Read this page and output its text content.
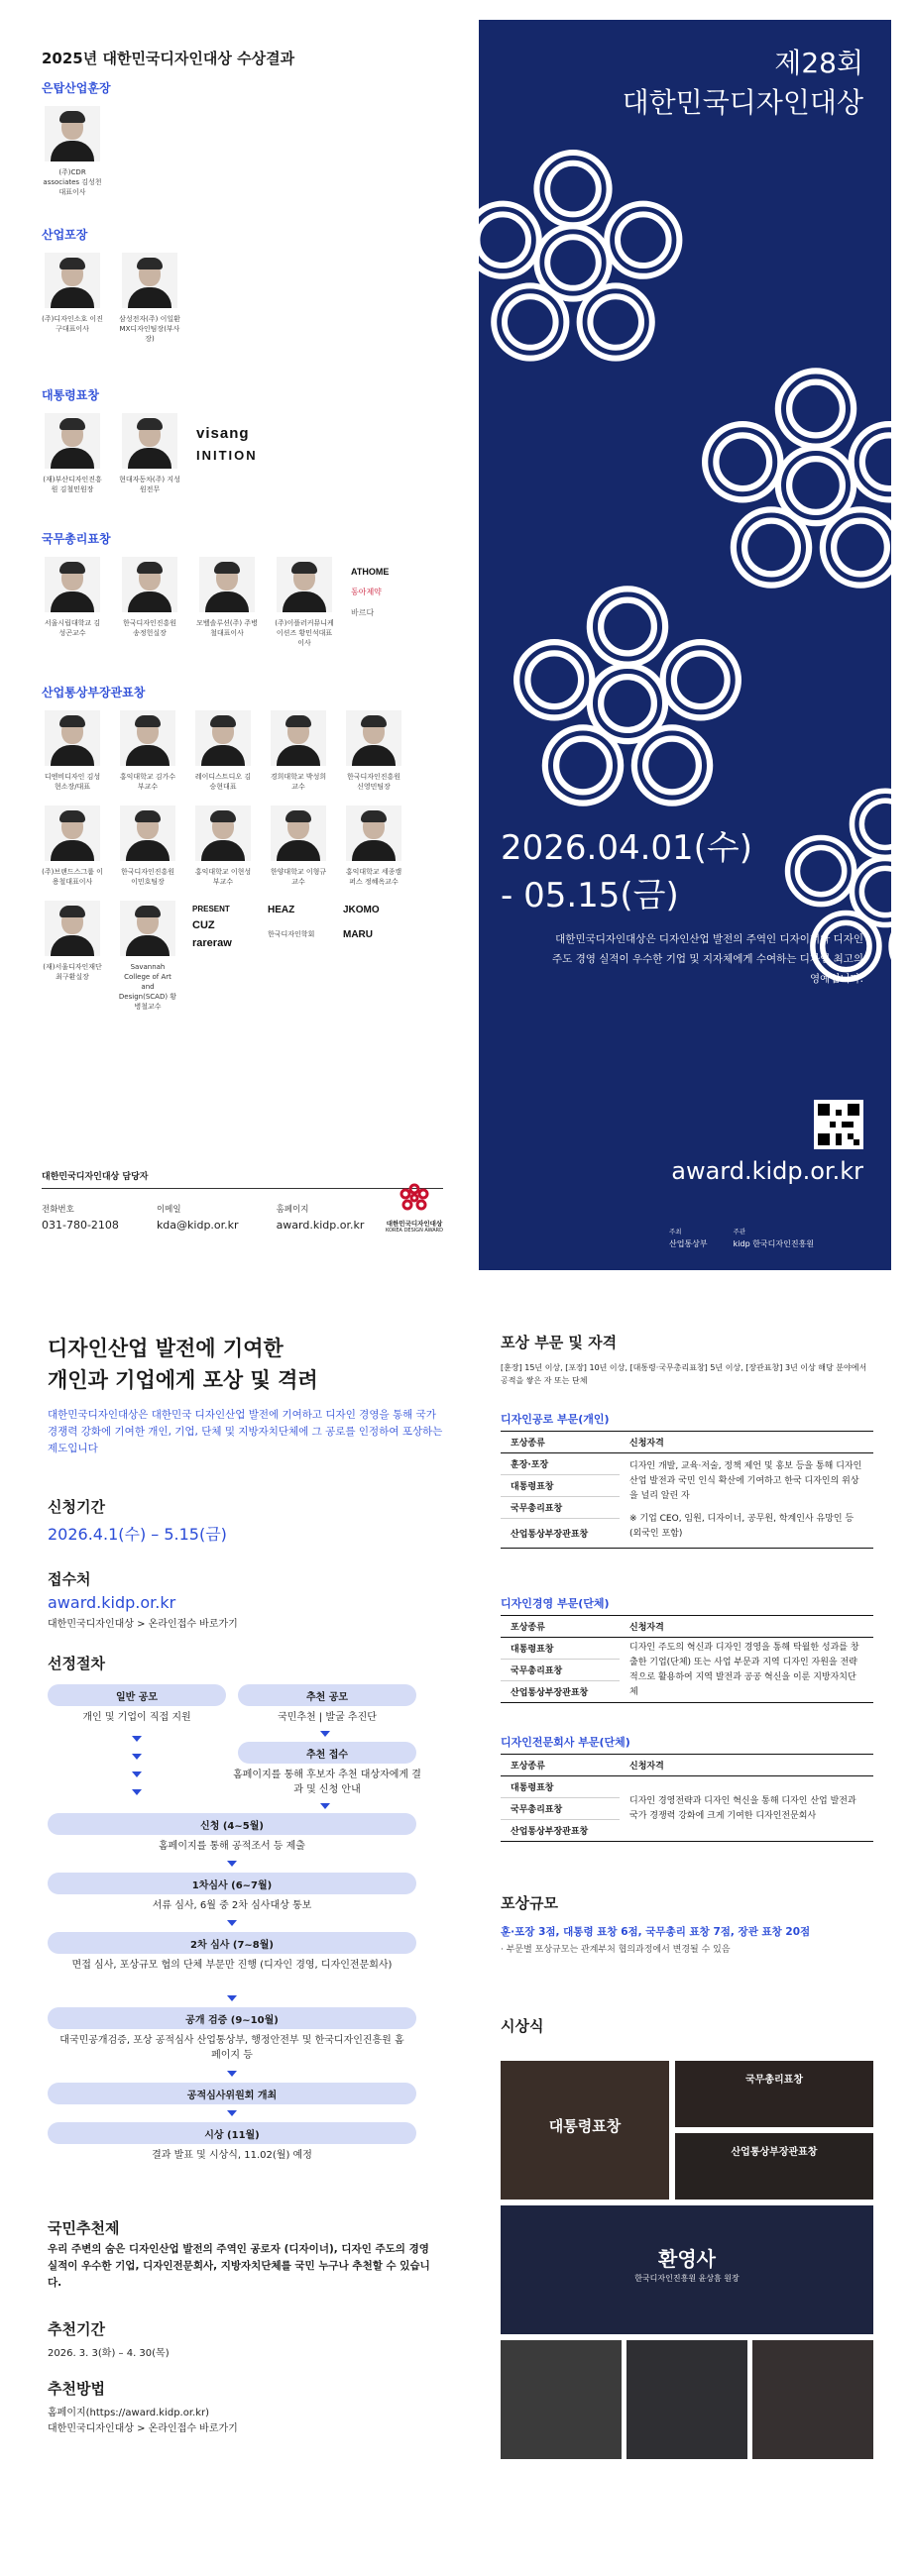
2025년 대한민국디자인대상 수상결과
은탑산업훈장
(주)CDR associates 김성천대표이사
산업포장
(주)디자인소호 이진구대표이사
삼성전자(주) 이일환 MX디자인팀장(부사장)
대통령표창
(재)부산디자인진흥원 김철민원장
현대자동차(주) 지성원전무
visang
INITION
국무총리표창
서울시립대학교 김성곤교수
한국디자인진흥원 송정헌실장
모벨솔루션(주) 주병철대표이사
(주)이플러커뮤니케이션즈 황민석대표이사
ATHOME
동아제약
바르다
산업통상부장관표창
디엔비디자인 김성현소장/대표
홍익대학교 김가수부교수
레이디스트디오 김승현대표
경희대학교 박성희교수
한국디자인진흥원 신영민팀장
(주)브랜드스그룹 이용철대표이사
한국디자인진흥원 이민호팀장
홍익대학교 이현성부교수
한양대학교 이형규교수
홍익대학교 세종캠퍼스 정혜옥교수
(재)서울디자인재단 최구환실장
Savannah College of Art and Design(SCAD) 황병철교수
PRESENT
CUZ
rareraw
HEAZ
한국디자인학회
JKOMO
MARU
대한민국디자인대상 담당자
전화번호
031-780-2108
이메일
kda@kidp.or.kr
홈페이지
award.kidp.or.kr	대한민국디자인대상
KOREA DESIGN AWARD
제28회
대한민국디자인대상
2026.04.01(수)
- 05.15(금)
대한민국디자인대상은 디자인산업 발전의 주역인 디자이너와 디자인 주도 경영 실적이 우수한 기업 및 지자체에게 수여하는 디자인 최고의 영예입니다.
award.kidp.or.kr
주최
산업통상부
주관
kidp 한국디자인진흥원
디자인산업 발전에 기여한
개인과 기업에게 포상 및 격려
대한민국디자인대상은 대한민국 디자인산업 발전에 기여하고 디자인 경영을 통해 국가경쟁력 강화에 기여한 개인, 기업, 단체 및 지방자치단체에 그 공로를 인정하여 포상하는 제도입니다
신청기간
2026.4.1(수) – 5.15(금)
접수처
award.kidp.or.kr
대한민국디자인대상 > 온라인접수 바로가기
선정절차
일반 공모
개인 및 기업이 직접 지원
추천 공모
국민추천 | 발굴 추진단
추천 접수
홈페이지를 통해 후보자 추천 대상자에게 결과 및 신청 안내
신청 (4~5월)
홈페이지를 통해 공적조서 등 제출
1차심사 (6~7월)
서류 심사, 6월 중 2차 심사대상 통보
2차 심사 (7~8월)
면접 심사, 포상규모 협의 단체 부문만 진행 (디자인 경영, 디자인전문회사)
공개 검증 (9~10월)
대국민공개검증, 포상 공적심사 산업통상부, 행정안전부 및 한국디자인진흥원 홈페이지 등
공적심사위원회 개최
시상 (11월)
결과 발표 및 시상식, 11.02(월) 예정
국민추천제
우리 주변의 숨은 디자인산업 발전의 주역인 공로자 (디자이너), 디자인 주도의 경영 실적이 우수한 기업, 디자인전문회사, 지방자치단체를 국민 누구나 추천할 수 있습니다.
추천기간
2026. 3. 3(화) – 4. 30(목)
추천방법
홈페이지(https://award.kidp.or.kr)
대한민국디자인대상 > 온라인접수 바로가기
포상 부문 및 자격
[훈장] 15년 이상, [포장] 10년 이상, [대통령·국무총리표창] 5년 이상, [장관표창] 3년 이상 해당 분야에서 공적을 쌓은 자 또는 단체
디자인공로 부문(개인)
포상종류	신청자격
훈장·포장	디자인 개발, 교육·저술, 정책 제언 및 홍보 등을 통해 디자인 산업 발전과 국민 인식 확산에 기여하고 한국 디자인의 위상을 널리 알린 자
※ 기업 CEO, 임원, 디자이너, 공무원, 학계인사 유망인 등 (외국인 포함)

대통령표창	
국무총리표창	
산업통상부장관표창	
디자인경영 부문(단체)
포상종류	신청자격
대통령표창	디자인 주도의 혁신과 디자인 경영을 통해 탁월한 성과를 창출한 기업(단체) 또는 사업 부문과 지역 디자인 자원을 전략적으로 활용하여 지역 발전과 공공 혁신을 이룬 지방자치단체
국무총리표창	
산업통상부장관표창	
디자인전문회사 부문(단체)
포상종류	신청자격
대통령표창	디자인 경영전략과 디자인 혁신을 통해 디자인 산업 발전과 국가 경쟁력 강화에 크게 기여한 디자인전문회사
국무총리표창	
산업통상부장관표창	
포상규모
훈·포장 3점, 대통령 표창 6점, 국무총리 표창 7점, 장관 표창 20점
· 부문별 포상규모는 관계부처 협의과정에서 변경될 수 있음
시상식
대통령표창
국무총리표창
산업통상부장관표창
환영사
한국디자인진흥원 윤상흠 원장
